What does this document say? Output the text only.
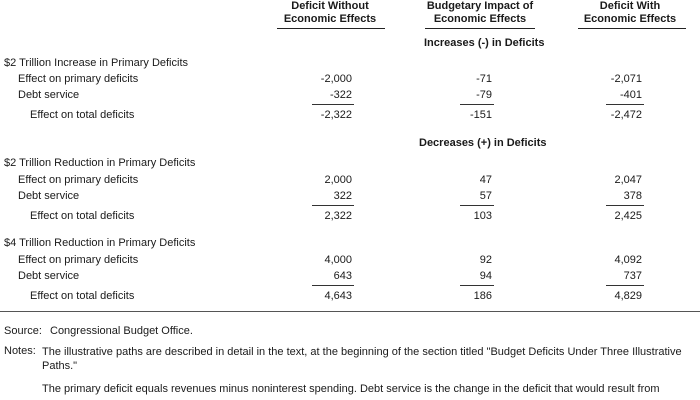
Deficit Without
Economic Effects
Budgetary Impact of
Economic Effects
Deficit With
Economic Effects
Increases (-) in Deficits
$2 Trillion Increase in Primary Deficits
Effect on primary deficits	-2,000	-71	-2,071
Debt service	-322	-79	-401
Effect on total deficits	-2,322	-151	-2,472
Decreases (+) in Deficits
$2 Trillion Reduction in Primary Deficits
Effect on primary deficits	2,000	47	2,047
Debt service	322	57	378
Effect on total deficits	2,322	103	2,425
$4 Trillion Reduction in Primary Deficits
Effect on primary deficits	4,000	92	4,092
Debt service	643	94	737
Effect on total deficits	4,643	186	4,829
Source: Congressional Budget Office.
Notes: The illustrative paths are described in detail in the text, at the beginning of the section titled "Budget Deficits Under Three Illustrative
Paths."
The primary deficit equals revenues minus noninterest spending. Debt service is the change in the deficit that would result from
